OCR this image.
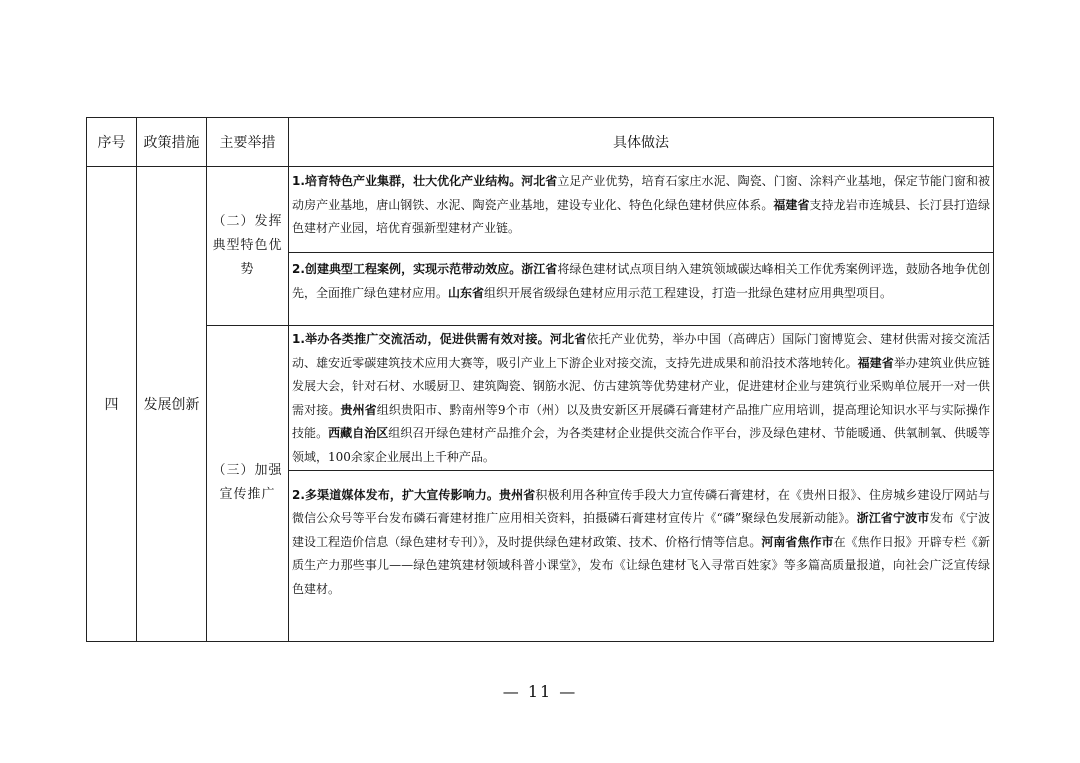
序号	政策措施	主要举措	具体做法
四	发展创新	（二）发挥典型特色优势	1.培育特色产业集群，壮大优化产业结构。河北省立足产业优势，培育石家庄水泥、陶瓷、门窗、涂料产业基地，保定节能门窗和被动房产业基地，唐山钢铁、水泥、陶瓷产业基地，建设专业化、特色化绿色建材供应体系。福建省支持龙岩市连城县、长汀县打造绿色建材产业园，培优育强新型建材产业链。

			2.创建典型工程案例，实现示范带动效应。浙江省将绿色建材试点项目纳入建筑领域碳达峰相关工作优秀案例评选，鼓励各地争优创先，全面推广绿色建材应用。山东省组织开展省级绿色建材应用示范工程建设，打造一批绿色建材应用典型项目。

		（三）加强宣传推广	1.举办各类推广交流活动，促进供需有效对接。河北省依托产业优势，举办中国（高碑店）国际门窗博览会、建材供需对接交流活动、雄安近零碳建筑技术应用大赛等，吸引产业上下游企业对接交流，支持先进成果和前沿技术落地转化。福建省举办建筑业供应链发展大会，针对石材、水暖厨卫、建筑陶瓷、钢筋水泥、仿古建筑等优势建材产业，促进建材企业与建筑行业采购单位展开一对一供需对接。贵州省组织贵阳市、黔南州等9个市（州）以及贵安新区开展磷石膏建材产品推广应用培训，提高理论知识水平与实际操作技能。西藏自治区组织召开绿色建材产品推介会，为各类建材企业提供交流合作平台，涉及绿色建材、节能暖通、供氧制氧、供暖等领域，100余家企业展出上千种产品。

			2.多渠道媒体发布，扩大宣传影响力。贵州省积极利用各种宣传手段大力宣传磷石膏建材，在《贵州日报》、住房城乡建设厅网站与微信公众号等平台发布磷石膏建材推广应用相关资料，拍摄磷石膏建材宣传片《“磷”聚绿色发展新动能》。浙江省宁波市发布《宁波建设工程造价信息（绿色建材专刊）》，及时提供绿色建材政策、技术、价格行情等信息。河南省焦作市在《焦作日报》开辟专栏《新质生产力那些事儿——绿色建筑建材领域科普小课堂》，发布《让绿色建材飞入寻常百姓家》等多篇高质量报道，向社会广泛宣传绿色建材。

— 11 —
